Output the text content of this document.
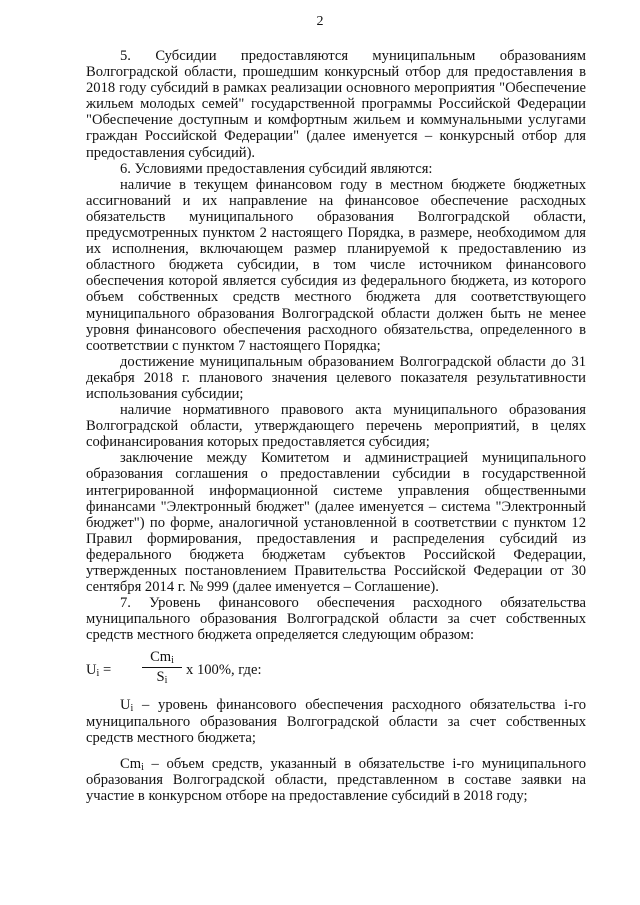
2

5. Субсидии предоставляются муниципальным образованиям Волгоградской области, прошедшим конкурсный отбор для предоставления в 2018 году субсидий в рамках реализации основного мероприятия "Обеспечение жильем молодых семей" государственной программы Российской Федерации "Обеспечение доступным и комфортным жильем и коммунальными услугами граждан Российской Федерации" (далее именуется – конкурсный отбор для предоставления субсидий).

6. Условиями предоставления субсидий являются:

наличие в текущем финансовом году в местном бюджете бюджетных ассигнований и их направление на финансовое обеспечение расходных обязательств муниципального образования Волгоградской области, предусмотренных пунктом 2 настоящего Порядка, в размере, необходимом для их исполнения, включающем размер планируемой к предоставлению из областного бюджета субсидии, в том числе источником финансового обеспечения которой является субсидия из федерального бюджета, из которого объем собственных средств местного бюджета для соответствующего муниципального образования Волгоградской области должен быть не менее уровня финансового обеспечения расходного обязательства, определенного в соответствии с пунктом 7 настоящего Порядка;

достижение муниципальным образованием Волгоградской области до 31 декабря 2018 г. планового значения целевого показателя результативности использования субсидии;

наличие нормативного правового акта муниципального образования Волгоградской области, утверждающего перечень мероприятий, в целях софинансирования которых предоставляется субсидия;

заключение между Комитетом и администрацией муниципального образования соглашения о предоставлении субсидии в государственной интегрированной информационной системе управления общественными финансами "Электронный бюджет" (далее именуется – система "Электронный бюджет") по форме, аналогичной установленной в соответствии с пунктом 12 Правил формирования, предоставления и распределения субсидий из федерального бюджета бюджетам субъектов Российской Федерации, утвержденных постановлением Правительства Российской Федерации от 30 сентября 2014 г. № 999 (далее именуется – Соглашение).

7. Уровень финансового обеспечения расходного обязательства муниципального образования Волгоградской области за счет собственных средств местного бюджета определяется следующим образом:

$U_i$ =
$Cm_i$
$S_i$
x 100%, где:

$U_i$ – уровень финансового обеспечения расходного обязательства i-го муниципального образования Волгоградской области за счет собственных средств местного бюджета;

$Cm_i$ – объем средств, указанный в обязательстве i-го муниципального образования Волгоградской области, представленном в составе заявки на участие в конкурсном отборе на предоставление субсидий в 2018 году;
